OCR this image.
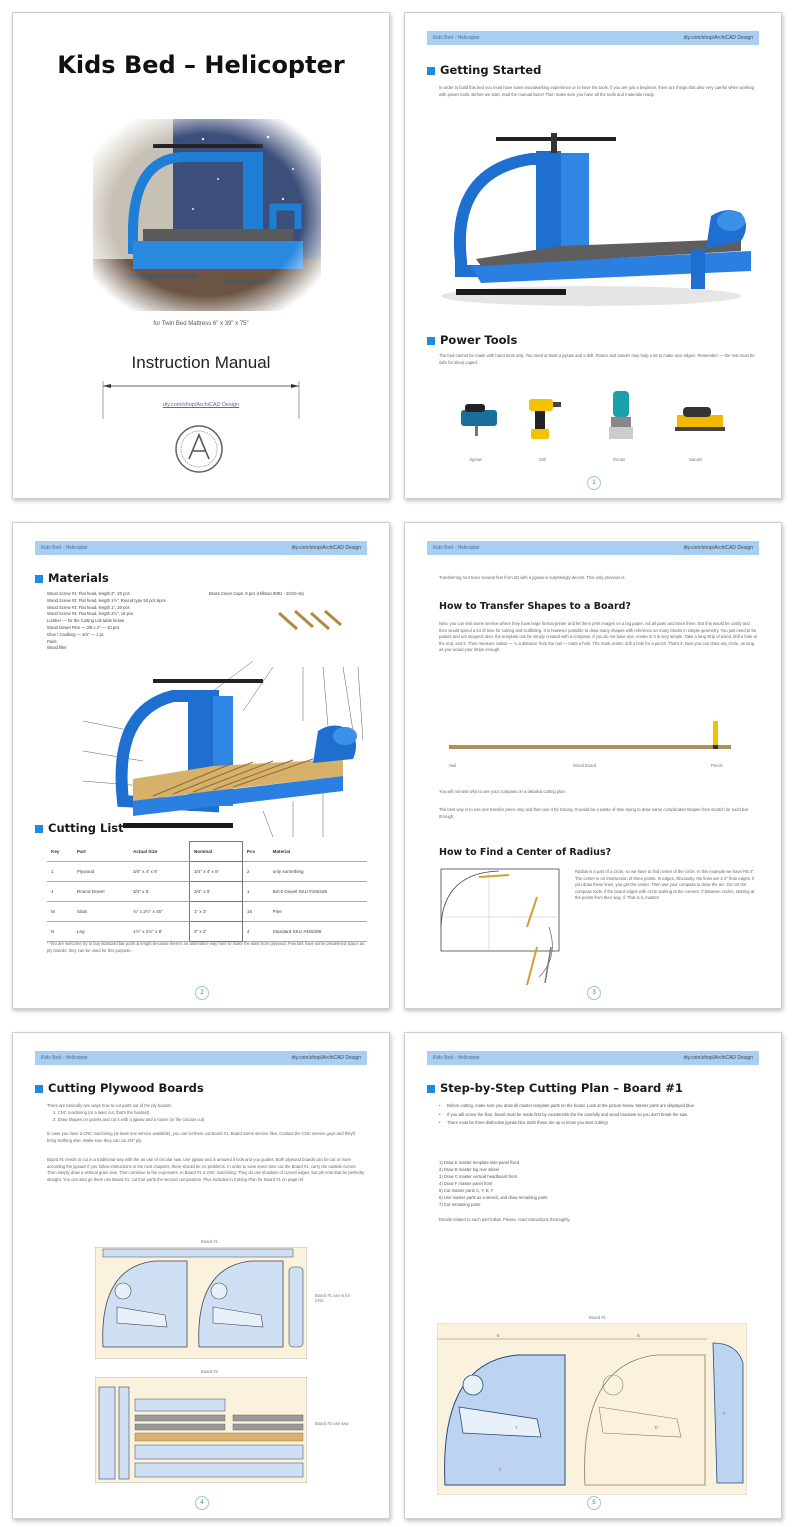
Kids Bed – Helicopter
for Twin Bed Mattress 6" x 39" x 75"
Instruction Manual
diy.com/shop/ArchiCAD Design
Kids Bed - Helicopter	diy.com/shop/ArchiCAD Design
Getting Started
In order to build this bed you must have some woodworking experience or to have the tools. If you are just a beginner, there are things that also very careful when working with power tools. Before we start, read the manual twice! Then make sure you have all the tools and materials ready.
Power Tools
The bed cannot be made with hand tools only. You need at least a jigsaw and a drill. Router and sander may help a lot to make nice edges. Remember — the rest must be safe for sleep caped.
Jigsaw	Drill	Router	Sander
1
Kids Bed - Helicopter	diy.com/shop/ArchiCAD Design
Materials
Wood Screw #1: Flat head, length 2", 20 pcs
Wood Screw #2: Flat head, length 1½", Round type 50 pcs 8pcs
Wood Screw #3: Flat head, length 1", 20 pcs
Wood Screw #4: Flat head, length 3½", 16 pcs
Lumber — for the Cutting List table below
Wood Dowel Pins — 3/8 x 2" — 10 pcs
Glue / Caulking — 3/4" — 1 pc
Paint
Wood filler
Brass Cover Caps: 8 pcs (Hillman 8091 - 20/10-16)
Cutting List
Key	Part	Actual Size	Nominal	Pcs	Material
1	Plywood	3/4" x 4' x 8'	3/4" x 4' x 8'	2	only something
J	Round Dowel	3/4" x 5'	3/4" x 5'	1	Birch Dowel SKU #155328
M	Slats	¾" x 2½" x 45"	1" x 3'	15	Pine
N	Leg	1½" x 2½" x 8'	2" x 3'	4	Standard SKU #455398
* You are welcome try to buy standard bar parts & length because there's an alternative way here to make the slats from plywood. Few bits have some predefined space as ply boards; they can be used for this purpose.
2
Kids Bed - Helicopter	diy.com/shop/ArchiCAD Design
Transferring root trace several feet from 2D with a jigsaw is surprisingly decent. This only previous is.
How to Transfer Shapes to a Board?
Now, you can visit some service where they have large format printer and let them print images on a big paper, cut all parts and trace them. But this would be costly and then would spend a lot of time for cutting and scribbling. It is however possible to draw many shapes with reference on many blocks in simple geometry. You just need to be patient and not stopped; also, the template can be simply created with a compass. If you do not have one, create it! It is very simple. Take a long strip of wood, drill a hole at the end, and it. Then measure radius — ¼ a distance from the nail — mark a hole. The mark center, drill a hole for a pencil. That's it. Now you can draw any circle, as long as you would your stripe enough.
Nail	Wood Board	Pencil
You will not visit who to use your compass on a detailed cutting plan.
The best way is to use one transfer piece only and then use it for tracing. It would be a waste of time trying to draw same complicated shapes from scratch for each bar through.
How to Find a Center of Radius?
Radius is a part of a circle, so we have to find center of the circle. In this example we have R8.4". The center is on intersection of three points. In edges, Obviously, the lines are 3.4" from edges. If you draw these lines, you get the center. Then use your compass to draw the arc. Do not the compass tools, if the board edges with circle starting at the corners. If between circles, starting at the points from their way, if. That is it, master!
3
Kids Bed - Helicopter	diy.com/shop/ArchiCAD Design
Cutting Plywood Boards
There are basically two ways how to cut parts out of the ply boards:
1. CNC machining (or a laser cut, that's the hardest)
2. Draw shapes on panels and cut it with a jigsaw and a router (or the circular cut)
In case you have a CNC machining (at least one service available), you can let them cut Board #1, Board Some service files. Contact the CNC service guys and they'll bring Nothing else. Make sure they can cut 3/4" ply.
Board #1 needs to cut in a traditional way with the an use of circular saw. Use jigsaw and is amazed it look and you guides. Both plywood boards can be cut or more according the jigsaw! If you follow instructions in the next chapters, there should be no problems. In order to save some time cut the Board #1, carry the outside curves. Then simply draw a vertical grain axis. Then continue to the exposures. In Board #1 a CNC machining: They do use shoulder of curved edges, but pls note that be perfectly straight. You can also go them use Board #1, cut four parts the second composition. Plus included in Cutting Plan for Board #1 on page ref.
Board #1
Board #1 use is for CNC
Board #2
Board #2 use saw
4
Kids Bed - Helicopter	diy.com/shop/ArchiCAD Design
Step-by-Step Cutting Plan – Board #1
• Before cutting, make sure you draw all master template parts on the board. Look at the picture below. Master parts are displayed blue.
• If you will screw the floor, board must be made first by countersink the the carefully and wood brackets so you don't break the saw.
• There must be three distinctive jigsaw blur. Both these are up to know you start cutting!
1) Draw E master template side panel fixed
2) Draw B master big rear wheel
3) Draw C master vertical headboard front
4) Draw F master panel front
5) Cut master parts C, Y, E, F
6) Use master parts as a stencil, and draw remaining parts
7) Cut remaining parts
Details related to each part follow. Please, read instructions thoroughly.
Board #1
E
Y
C
B
F
D
5
